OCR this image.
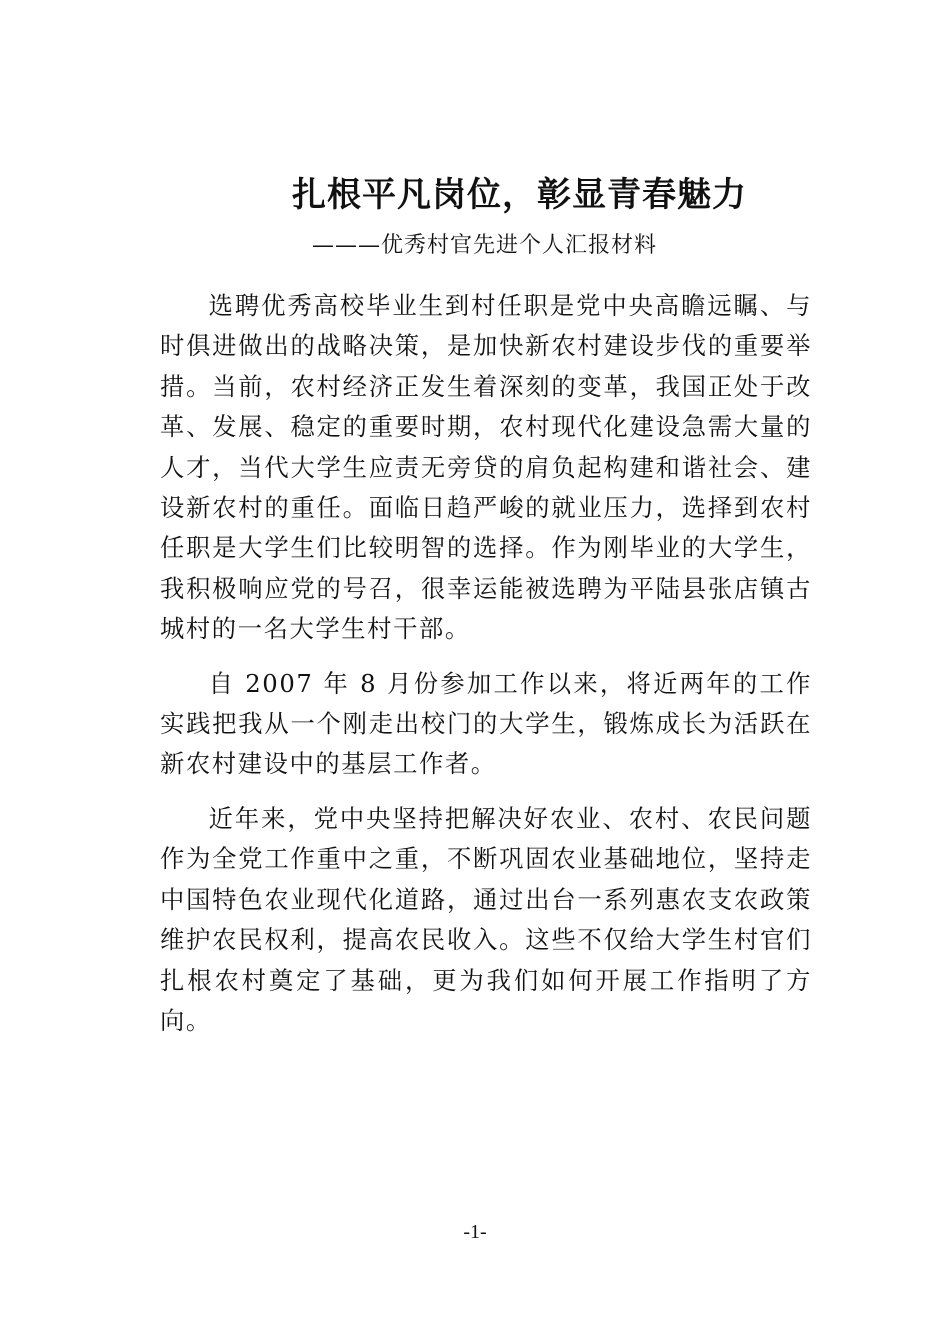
扎根平凡岗位，彰显青春魅力
———优秀村官先进个人汇报材料

选聘优秀高校毕业生到村任职是党中央高瞻远瞩、与时俱进做出的战略决策，是加快新农村建设步伐的重要举措。当前，农村经济正发生着深刻的变革，我国正处于改革、发展、稳定的重要时期，农村现代化建设急需大量的人才，当代大学生应责无旁贷的肩负起构建和谐社会、建设新农村的重任。面临日趋严峻的就业压力，选择到农村任职是大学生们比较明智的选择。作为刚毕业的大学生，我积极响应党的号召，很幸运能被选聘为平陆县张店镇古城村的一名大学生村干部。

自 2007 年 8 月份参加工作以来，将近两年的工作实践把我从一个刚走出校门的大学生，锻炼成长为活跃在新农村建设中的基层工作者。

近年来，党中央坚持把解决好农业、农村、农民问题作为全党工作重中之重，不断巩固农业基础地位，坚持走中国特色农业现代化道路，通过出台一系列惠农支农政策维护农民权利，提高农民收入。这些不仅给大学生村官们扎根农村奠定了基础，更为我们如何开展工作指明了方向。

-1-
